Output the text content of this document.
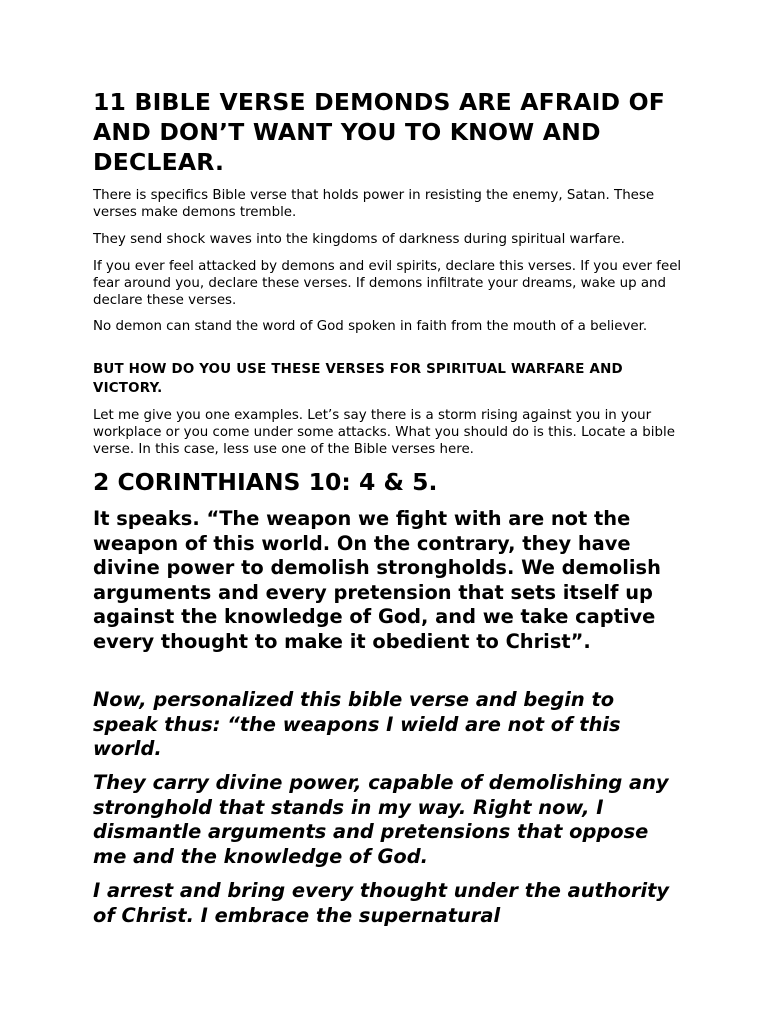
11 BIBLE VERSE DEMONDS ARE AFRAID OF AND DON’T WANT YOU TO KNOW AND DECLEAR.

There is specifics Bible verse that holds power in resisting the enemy, Satan. These verses make demons tremble.

They send shock waves into the kingdoms of darkness during spiritual warfare.

If you ever feel attacked by demons and evil spirits, declare this verses. If you ever feel fear around you, declare these verses. If demons infiltrate your dreams, wake up and declare these verses.

No demon can stand the word of God spoken in faith from the mouth of a believer.

BUT HOW DO YOU USE THESE VERSES FOR SPIRITUAL WARFARE AND VICTORY.

Let me give you one examples. Let’s say there is a storm rising against you in your workplace or you come under some attacks. What you should do is this. Locate a bible verse. In this case, less use one of the Bible verses here.

2 CORINTHIANS 10: 4 & 5.

It speaks. “The weapon we fight with are not the weapon of this world. On the contrary, they have divine power to demolish strongholds. We demolish arguments and every pretension that sets itself up against the knowledge of God, and we take captive every thought to make it obedient to Christ”.

Now, personalized this bible verse and begin to speak thus: “the weapons I wield are not of this world.

They carry divine power, capable of demolishing any stronghold that stands in my way. Right now, I dismantle arguments and pretensions that oppose me and the knowledge of God.

I arrest and bring every thought under the authority of Christ. I embrace the supernatural
